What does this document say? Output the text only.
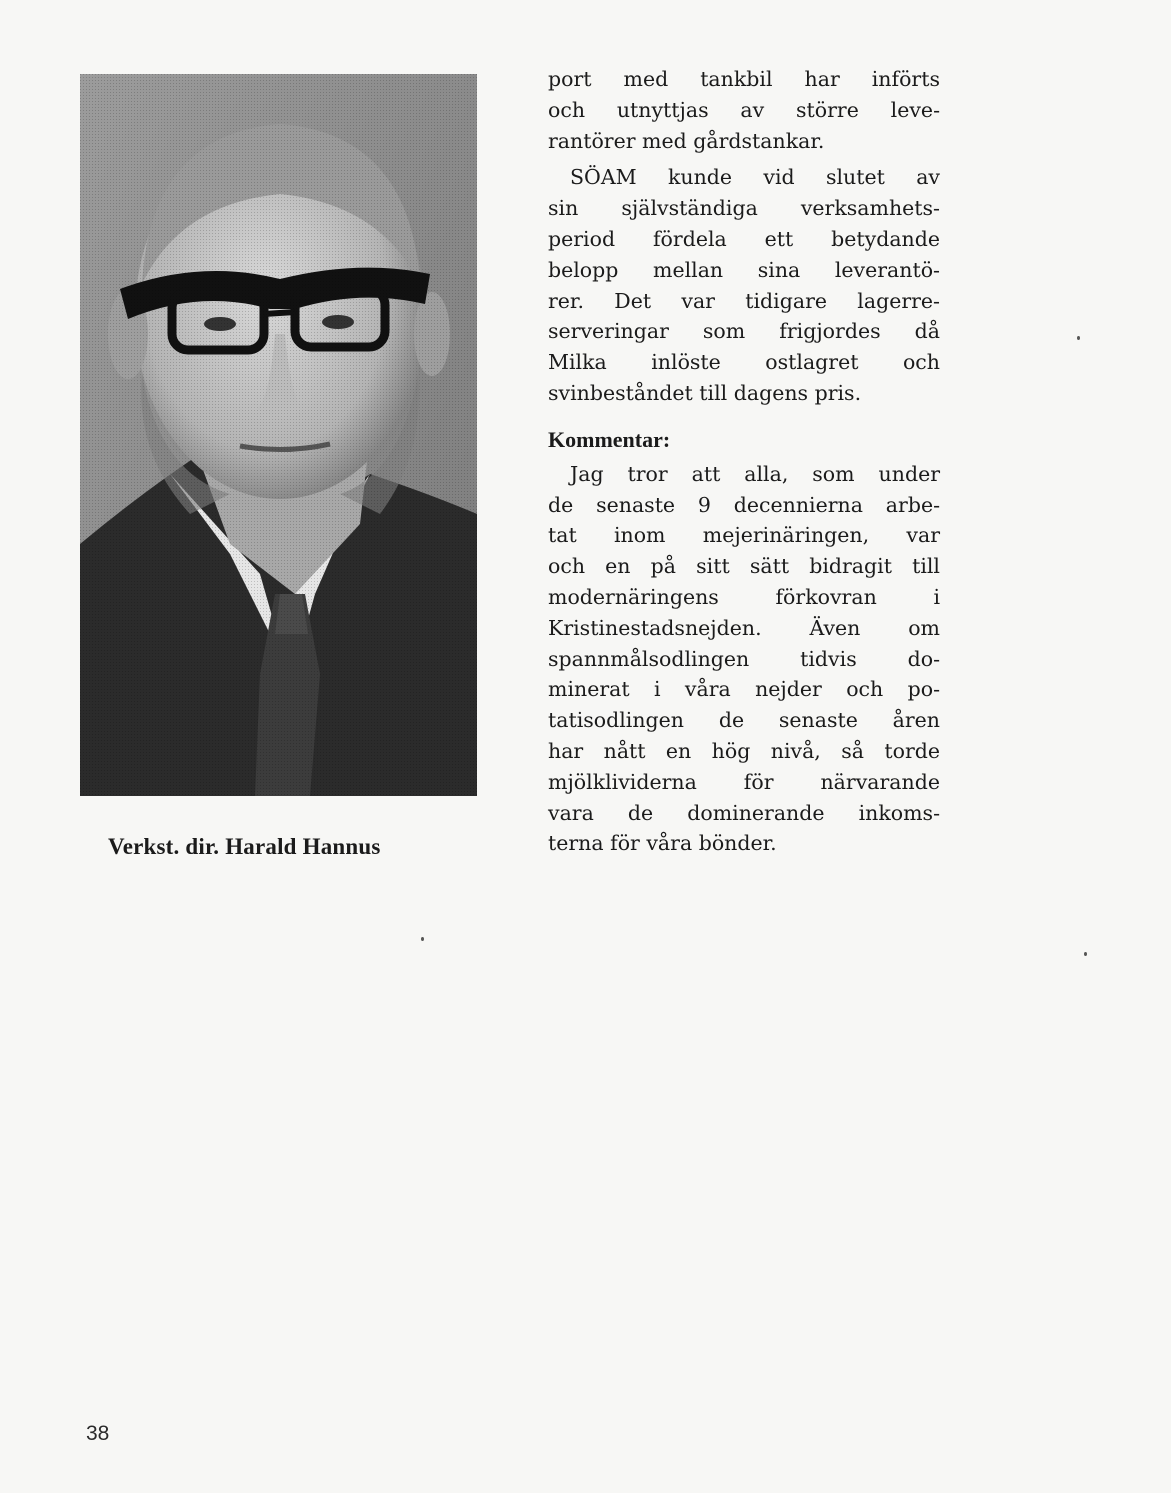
Verkst. dir. Harald Hannus
port med tankbil har införts
och utnyttjas av större leve-
rantörer med gårdstankar.
SÖAM kunde vid slutet av
sin självständiga verksamhets-
period fördela ett betydande
belopp mellan sina leverantö-
rer. Det var tidigare lagerre-
serveringar som frigjordes då
Milka inlöste ostlagret och
svinbeståndet till dagens pris.
Kommentar:
Jag tror att alla, som under
de senaste 9 decennierna arbe-
tat inom mejerinäringen, var
och en på sitt sätt bidragit till
modernäringens förkovran i
Kristinestadsnejden. Även om
spannmålsodlingen tidvis do-
minerat i våra nejder och po-
tatisodlingen de senaste åren
har nått en hög nivå, så torde
mjölklividerna för närvarande
vara de dominerande inkoms-
terna för våra bönder.
38
